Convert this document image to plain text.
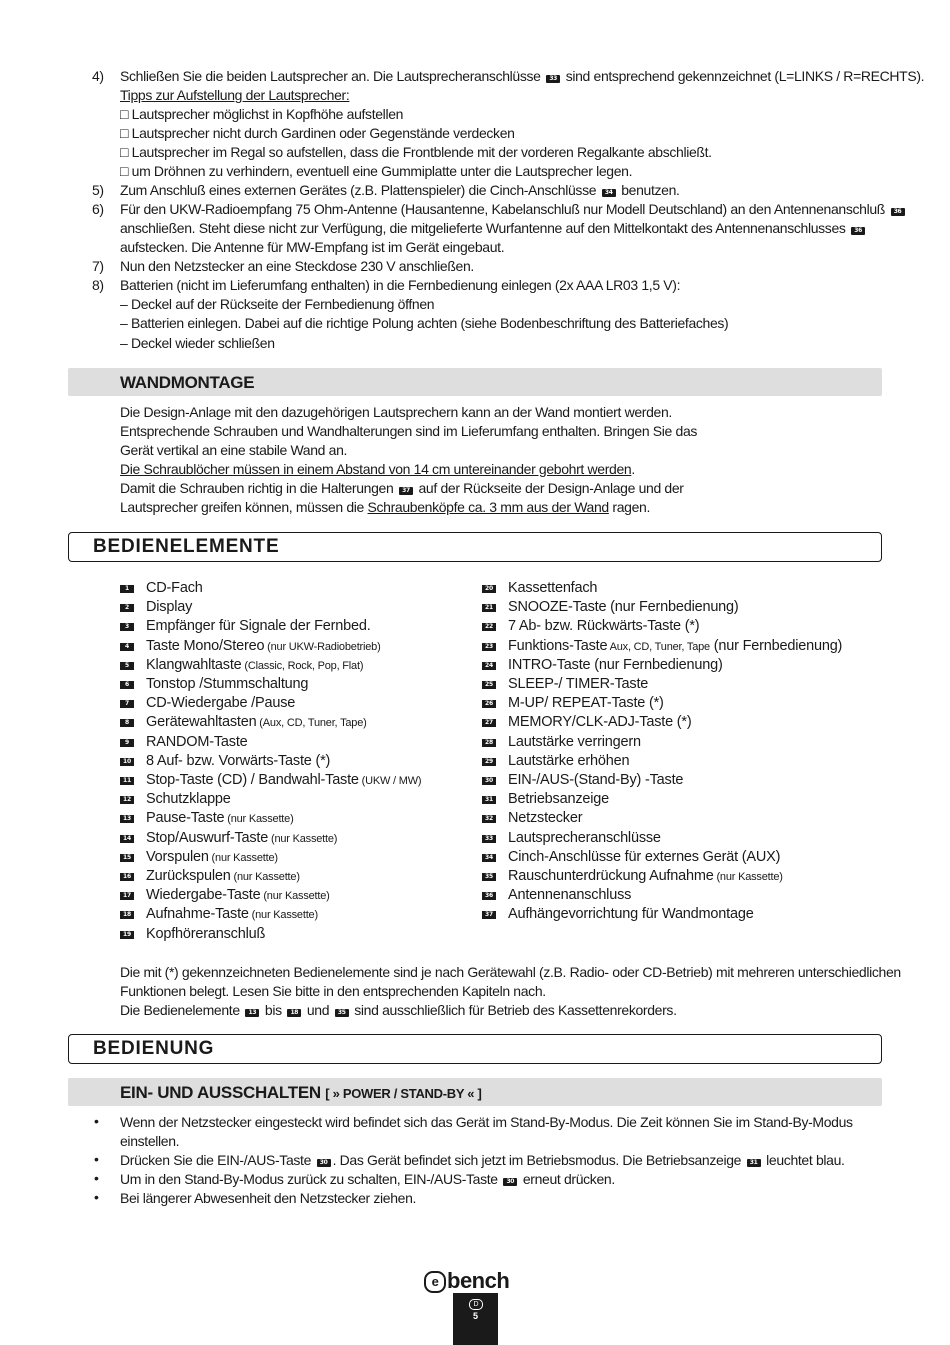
4) Schließen Sie die beiden Lautsprecher an. Die Lautsprecheranschlüsse 33 sind entsprechend gekennzeichnet (L=LINKS / R=RECHTS).
Tipps zur Aufstellung der Lautsprecher:
□ Lautsprecher möglichst in Kopfhöhe aufstellen
□ Lautsprecher nicht durch Gardinen oder Gegenstände verdecken
□ Lautsprecher im Regal so aufstellen, dass die Frontblende mit der vorderen Regalkante abschließt.
□ um Dröhnen zu verhindern, eventuell eine Gummiplatte unter die Lautsprecher legen.
5) Zum Anschluß eines externen Gerätes (z.B. Plattenspieler) die Cinch-Anschlüsse 34 benutzen.
6) Für den UKW-Radioempfang 75 Ohm-Antenne (Hausantenne, Kabelanschluß nur Modell Deutschland) an den Antennenanschluß 36
anschließen. Steht diese nicht zur Verfügung, die mitgelieferte Wurfantenne auf den Mittelkontakt des Antennenanschlusses 36
aufstecken. Die Antenne für MW-Empfang ist im Gerät eingebaut.
7) Nun den Netzstecker an eine Steckdose 230 V anschließen.
8) Batterien (nicht im Lieferumfang enthalten) in die Fernbedienung einlegen (2x AAA LR03 1,5 V):
– Deckel auf der Rückseite der Fernbedienung öffnen
– Batterien einlegen. Dabei auf die richtige Polung achten (siehe Bodenbeschriftung des Batteriefaches)
– Deckel wieder schließen
WANDMONTAGE
Die Design-Anlage mit den dazugehörigen Lautsprechern kann an der Wand montiert werden.
Entsprechende Schrauben und Wandhalterungen sind im Lieferumfang enthalten. Bringen Sie das
Gerät vertikal an eine stabile Wand an.
Die Schraublöcher müssen in einem Abstand von 14 cm untereinander gebohrt werden.
Damit die Schrauben richtig in die Halterungen 37 auf der Rückseite der Design-Anlage und der
Lautsprecher greifen können, müssen die Schraubenköpfe ca. 3 mm aus der Wand ragen.
BEDIENELEMENTE
1	CD-Fach
2	Display
3	Empfänger für Signale der Fernbed.
4	Taste Mono/Stereo (nur UKW-Radiobetrieb)
5	Klangwahltaste (Classic, Rock, Pop, Flat)
6	Tonstop /Stummschaltung
7	CD-Wiedergabe /Pause
8	Gerätewahltasten (Aux, CD, Tuner, Tape)
9	RANDOM-Taste
10 8 Auf- bzw. Vorwärts-Taste (*)
11 Stop-Taste (CD) / Bandwahl-Taste (UKW / MW)
12 Schutzklappe
13 Pause-Taste (nur Kassette)
14 Stop/Auswurf-Taste (nur Kassette)
15 Vorspulen (nur Kassette)
16 Zurückspulen (nur Kassette)
17 Wiedergabe-Taste (nur Kassette)
18 Aufnahme-Taste (nur Kassette)
19 Kopfhöreranschluß
20 Kassettenfach
21 SNOOZE-Taste (nur Fernbedienung)
22 7 Ab- bzw. Rückwärts-Taste (*)
23 Funktions-Taste Aux, CD, Tuner, Tape (nur Fernbedienung)
24 INTRO-Taste (nur Fernbedienung)
25 SLEEP-/ TIMER-Taste
26 M-UP/ REPEAT-Taste (*)
27 MEMORY/CLK-ADJ-Taste (*)
28 Lautstärke verringern
29 Lautstärke erhöhen
30 EIN-/AUS-(Stand-By) -Taste
31 Betriebsanzeige
32 Netzstecker
33 Lautsprecheranschlüsse
34 Cinch-Anschlüsse für externes Gerät (AUX)
35 Rauschunterdrückung Aufnahme (nur Kassette)
36 Antennenanschluss
37 Aufhängevorrichtung für Wandmontage
Die mit (*) gekennzeichneten Bedienelemente sind je nach Gerätewahl (z.B. Radio- oder CD-Betrieb) mit mehreren unterschiedlichen
Funktionen belegt. Lesen Sie bitte in den entsprechenden Kapiteln nach.
Die Bedienelemente 13 bis 18 und 35 sind ausschließlich für Betrieb des Kassettenrekorders.
BEDIENUNG
EIN- UND AUSSCHALTEN [ » POWER / STAND-BY « ]
• Wenn der Netzstecker eingesteckt wird befindet sich das Gerät im Stand-By-Modus. Die Zeit können Sie im Stand-By-Modus
einstellen.
• Drücken Sie die EIN-/AUS-Taste 30 . Das Gerät befindet sich jetzt im Betriebsmodus. Die Betriebsanzeige 31 leuchtet blau.
• Um in den Stand-By-Modus zurück zu schalten, EIN-/AUS-Taste 30 erneut drücken.
• Bei längerer Abwesenheit den Netzstecker ziehen.
e bench
D
5
